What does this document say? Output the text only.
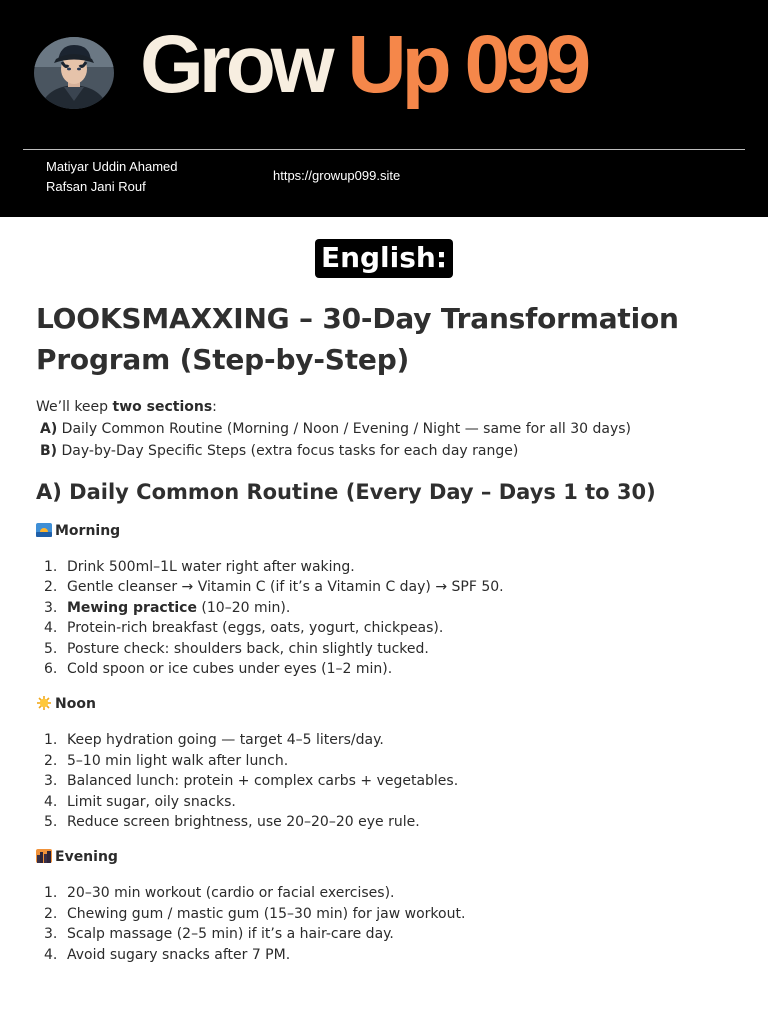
Grow Up 099
Matiyar Uddin Ahamed
Rafsan Jani Rouf
https://growup099.site
English:
LOOKSMAXXING – 30-Day Transformation Program (Step-by-Step)
We’ll keep two sections:
A) Daily Common Routine (Morning / Noon / Evening / Night — same for all 30 days)
B) Day-by-Day Specific Steps (extra focus tasks for each day range)
A) Daily Common Routine (Every Day – Days 1 to 30)
Morning
1. Drink 500ml–1L water right after waking.
2. Gentle cleanser → Vitamin C (if it’s a Vitamin C day) → SPF 50.
3. Mewing practice (10–20 min).
4. Protein-rich breakfast (eggs, oats, yogurt, chickpeas).
5. Posture check: shoulders back, chin slightly tucked.
6. Cold spoon or ice cubes under eyes (1–2 min).
Noon
1. Keep hydration going — target 4–5 liters/day.
2. 5–10 min light walk after lunch.
3. Balanced lunch: protein + complex carbs + vegetables.
4. Limit sugar, oily snacks.
5. Reduce screen brightness, use 20–20–20 eye rule.
Evening
1. 20–30 min workout (cardio or facial exercises).
2. Chewing gum / mastic gum (15–30 min) for jaw workout.
3. Scalp massage (2–5 min) if it’s a hair-care day.
4. Avoid sugary snacks after 7 PM.
